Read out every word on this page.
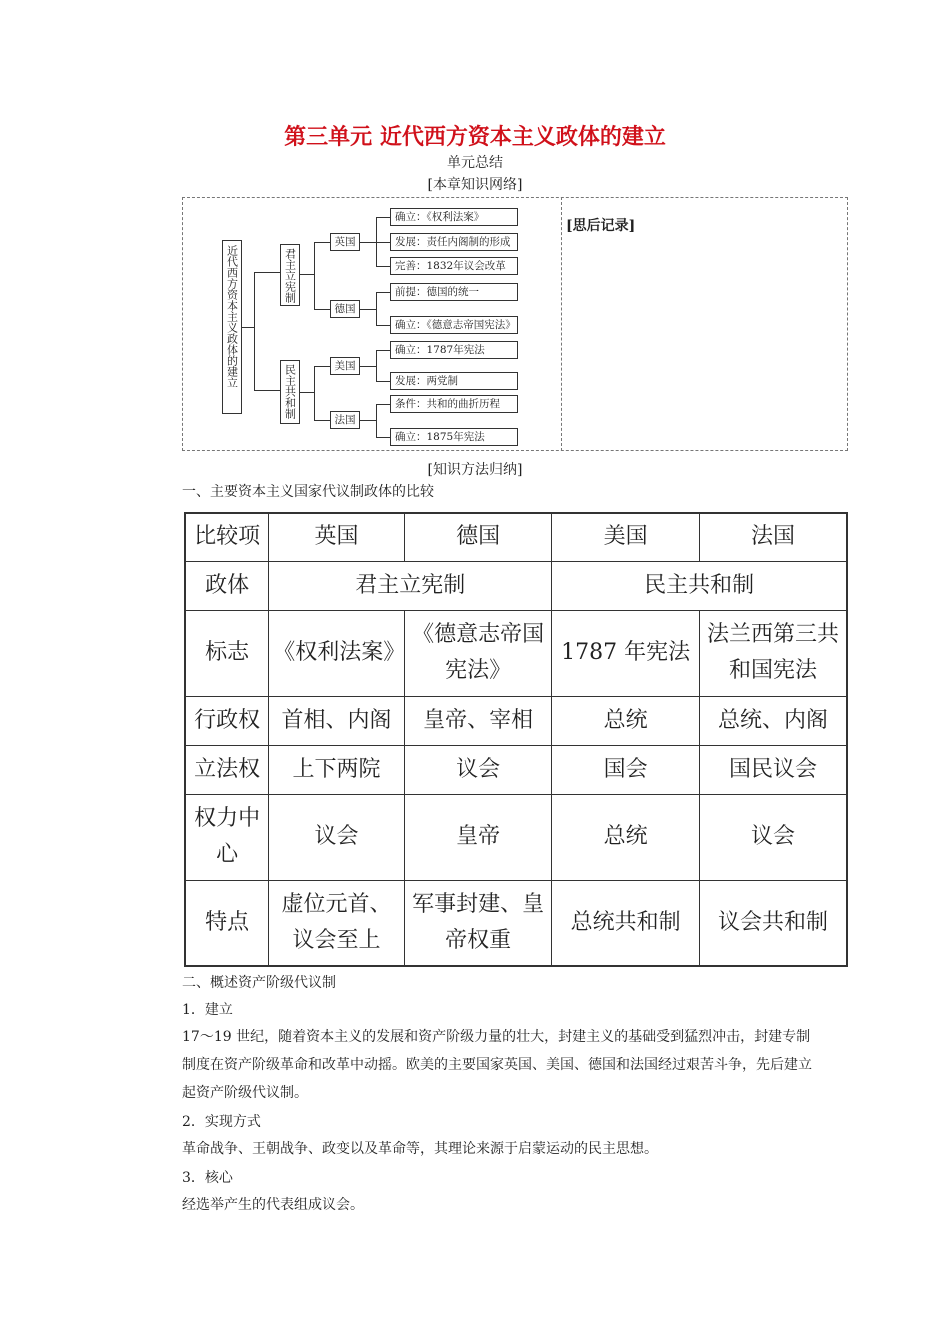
第三单元 近代西方资本主义政体的建立
单元总结
[本章知识网络]
[思后记录]
近代西方资本主义政体的建立	君主立宪制
民主共和制
英国
德国
美国
法国
确立：《权利法案》
发展：责任内阁制的形成
完善：1832年议会改革
前提：德国的统一
确立：《德意志帝国宪法》
确立：1787年宪法
发展：两党制
条件：共和的曲折历程
确立：1875年宪法
[知识方法归纳]
一、主要资本主义国家代议制政体的比较
比较项	英国	德国	美国	法国
政体	君主立宪制		民主共和制	
标志	《权利法案》	《德意志帝国宪法》	1787 年宪法	法兰西第三共和国宪法
行政权	首相、内阁	皇帝、宰相	总统	总统、内阁
立法权	上下两院	议会	国会	国民议会
权力中心	议会	皇帝	总统	议会
特点	虚位元首、议会至上	军事封建、皇帝权重	总统共和制	议会共和制
二、概述资产阶级代议制
1．建立
17～19 世纪，随着资本主义的发展和资产阶级力量的壮大，封建主义的基础受到猛烈冲击，封建专制制度在资产阶级革命和改革中动摇。欧美的主要国家英国、美国、德国和法国经过艰苦斗争，先后建立起资产阶级代议制。
2．实现方式
革命战争、王朝战争、政变以及革命等，其理论来源于启蒙运动的民主思想。
3．核心
经选举产生的代表组成议会。
